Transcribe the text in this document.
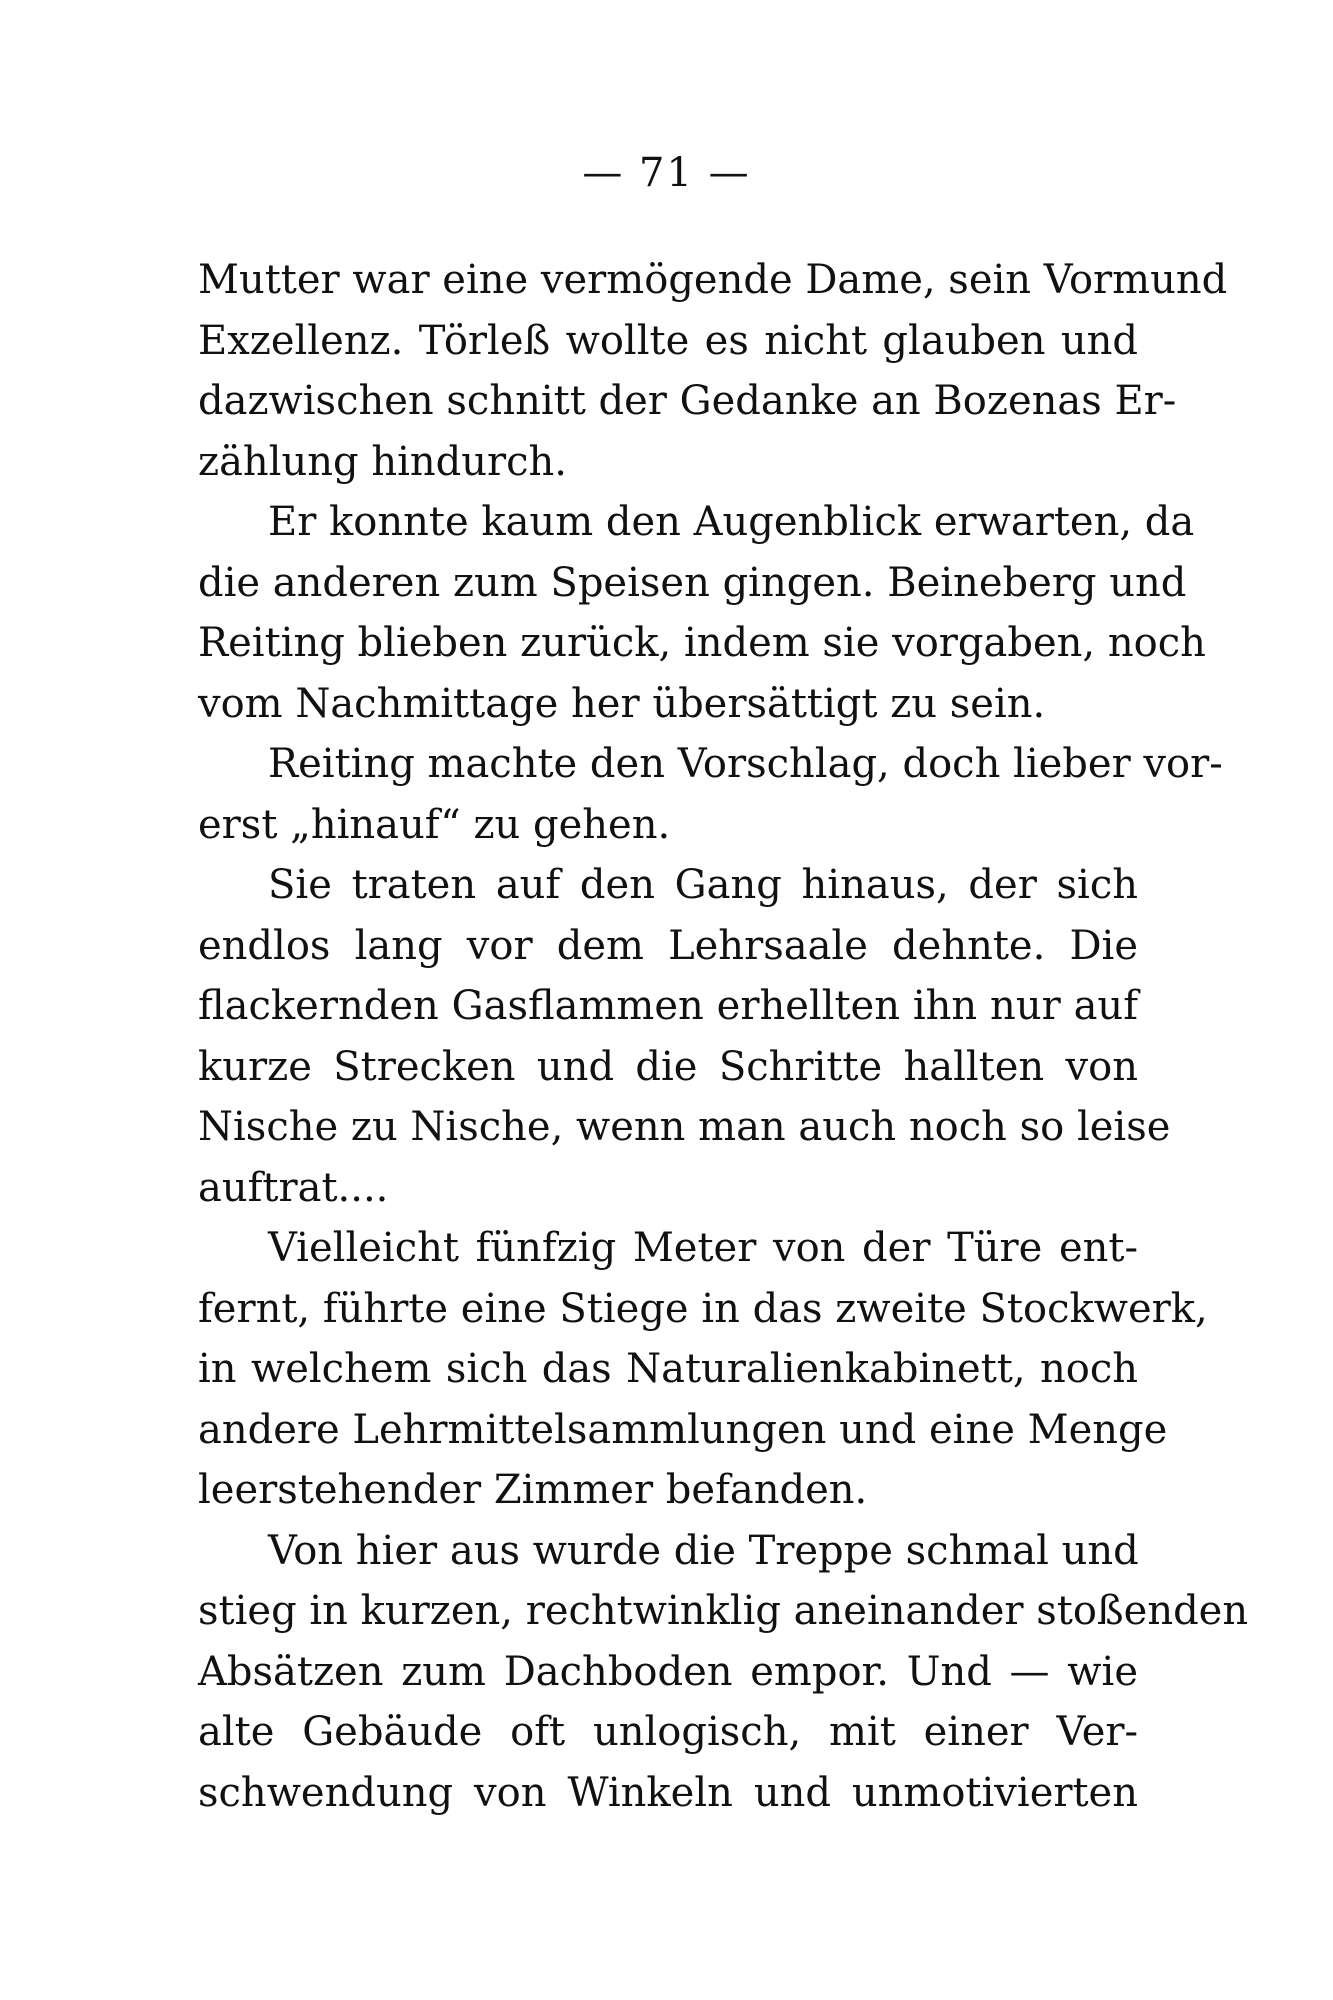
— 71 —
Mutter war eine vermögende Dame, sein Vormund
Exzellenz. Törleß wollte es nicht glauben und
dazwischen schnitt der Gedanke an Bozenas Er-
zählung hindurch.
Er konnte kaum den Augenblick erwarten, da
die anderen zum Speisen gingen. Beineberg und
Reiting blieben zurück, indem sie vorgaben, noch
vom Nachmittage her übersättigt zu sein.
Reiting machte den Vorschlag, doch lieber vor-
erst „hinauf“ zu gehen.
Sie traten auf den Gang hinaus, der sich
endlos lang vor dem Lehrsaale dehnte. Die
flackernden Gasflammen erhellten ihn nur auf
kurze Strecken und die Schritte hallten von
Nische zu Nische, wenn man auch noch so leise
auftrat....
Vielleicht fünfzig Meter von der Türe ent-
fernt, führte eine Stiege in das zweite Stockwerk,
in welchem sich das Naturalienkabinett, noch
andere Lehrmittelsammlungen und eine Menge
leerstehender Zimmer befanden.
Von hier aus wurde die Treppe schmal und
stieg in kurzen, rechtwinklig aneinander stoßenden
Absätzen zum Dachboden empor. Und — wie
alte Gebäude oft unlogisch, mit einer Ver-
schwendung von Winkeln und unmotivierten
